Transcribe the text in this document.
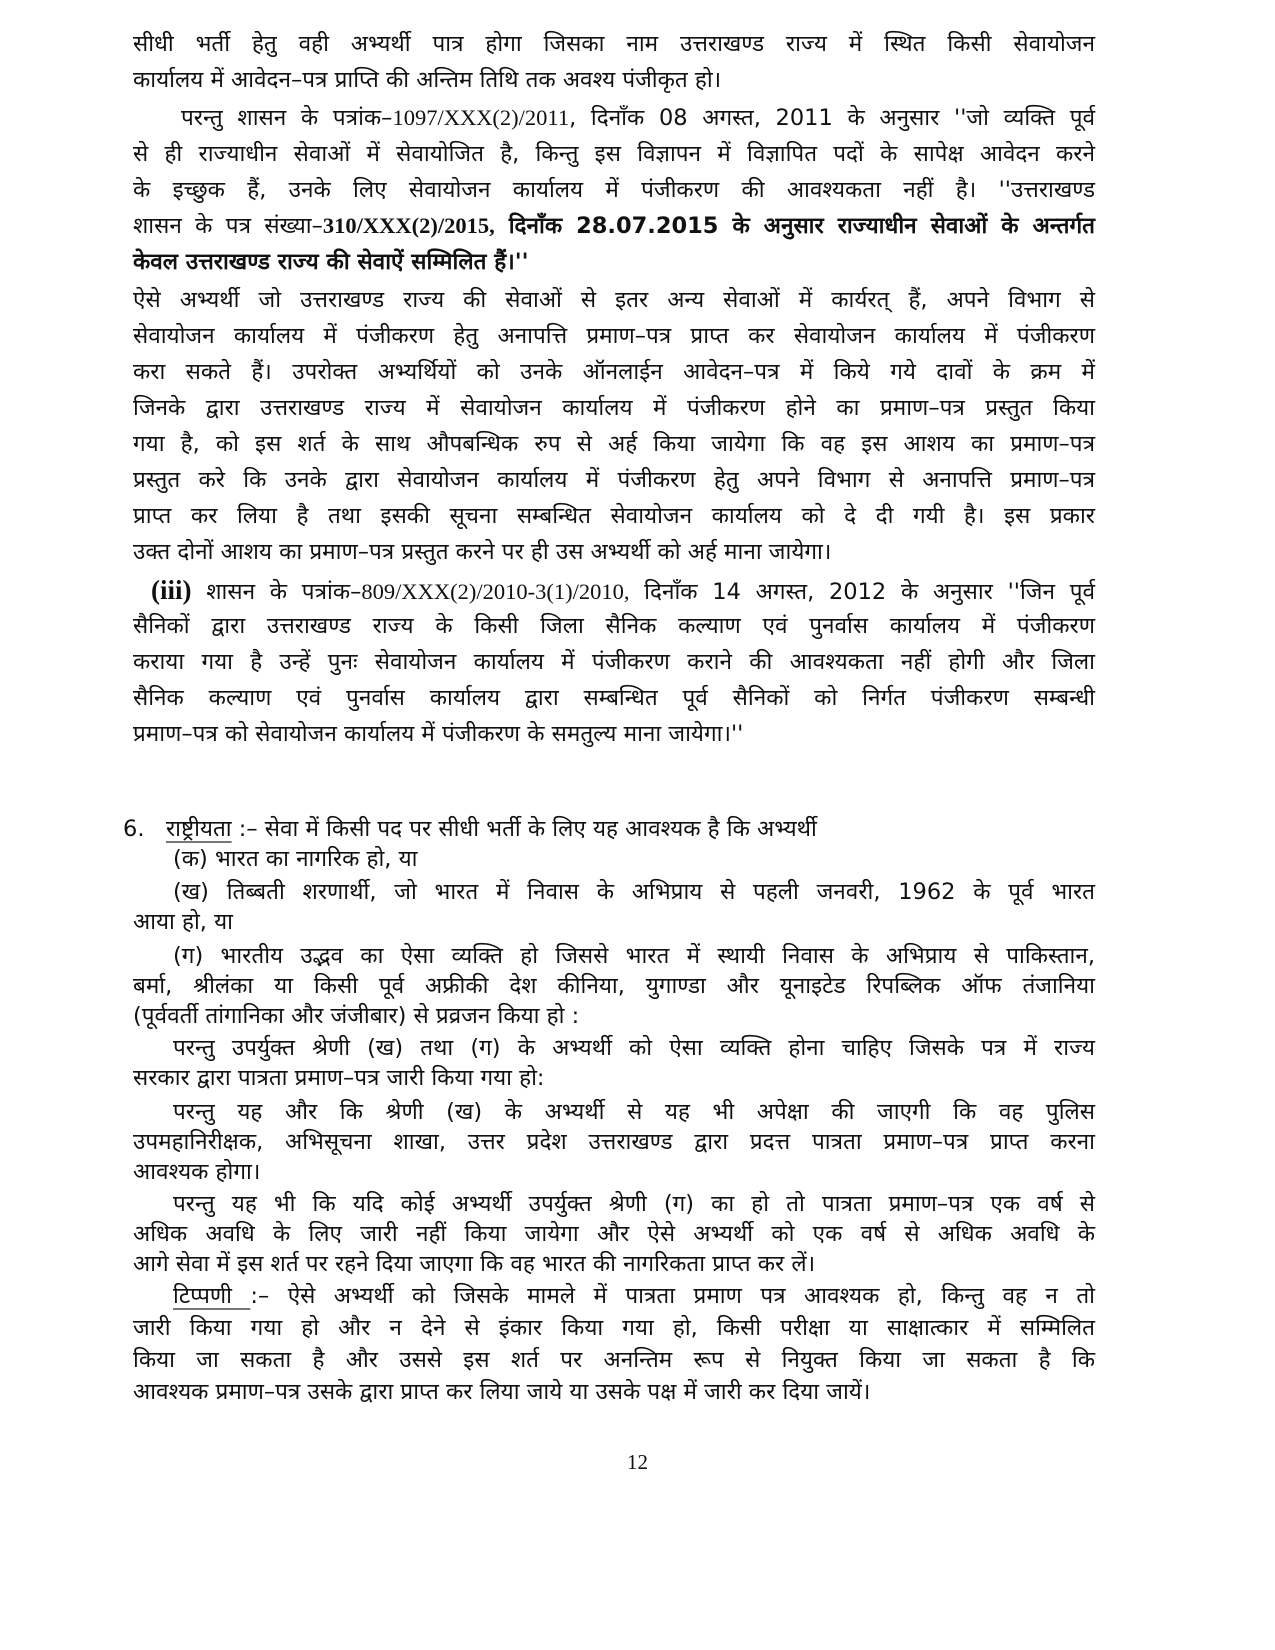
सीधी भर्ती हेतु वही अभ्यर्थी पात्र होगा जिसका नाम उत्तराखण्ड राज्य में स्थित किसी सेवायोजन
कार्यालय में आवेदन–पत्र प्राप्ति की अन्तिम तिथि तक अवश्य पंजीकृत हो।
परन्तु शासन के पत्रांक–1097/XXX(2)/2011, दिनाँक 08 अगस्त, 2011 के अनुसार ''जो व्यक्ति पूर्व
से ही राज्याधीन सेवाओं में सेवायोजित है, किन्तु इस विज्ञापन में विज्ञापित पदों के सापेक्ष आवेदन करने
के इच्छुक हैं, उनके लिए सेवायोजन कार्यालय में पंजीकरण की आवश्यकता नहीं है। ''उत्तराखण्ड
शासन के पत्र संख्या–310/XXX(2)/2015, दिनाँक 28.07.2015 के अनुसार राज्याधीन सेवाओं के अन्तर्गत
केवल उत्तराखण्ड राज्य की सेवाऐं सम्मिलित हैं।''
ऐसे अभ्यर्थी जो उत्तराखण्ड राज्य की सेवाओं से इतर अन्य सेवाओं में कार्यरत् हैं, अपने विभाग से
सेवायोजन कार्यालय में पंजीकरण हेतु अनापत्ति प्रमाण–पत्र प्राप्त कर सेवायोजन कार्यालय में पंजीकरण
करा सकते हैं। उपरोक्त अभ्यर्थियों को उनके ऑनलाईन आवेदन–पत्र में किये गये दावों के क्रम में
जिनके द्वारा उत्तराखण्ड राज्य में सेवायोजन कार्यालय में पंजीकरण होने का प्रमाण–पत्र प्रस्तुत किया
गया है, को इस शर्त के साथ औपबन्धिक रुप से अर्ह किया जायेगा कि वह इस आशय का प्रमाण–पत्र
प्रस्तुत करे कि उनके द्वारा सेवायोजन कार्यालय में पंजीकरण हेतु अपने विभाग से अनापत्ति प्रमाण–पत्र
प्राप्त कर लिया है तथा इसकी सूचना सम्बन्धित सेवायोजन कार्यालय को दे दी गयी है। इस प्रकार
उक्त दोनों आशय का प्रमाण–पत्र प्रस्तुत करने पर ही उस अभ्यर्थी को अर्ह माना जायेगा।
(iii) शासन के पत्रांक–809/XXX(2)/2010-3(1)/2010, दिनाँक 14 अगस्त, 2012 के अनुसार ''जिन पूर्व
सैनिकों द्वारा उत्तराखण्ड राज्य के किसी जिला सैनिक कल्याण एवं पुनर्वास कार्यालय में पंजीकरण
कराया गया है उन्हें पुनः सेवायोजन कार्यालय में पंजीकरण कराने की आवश्यकता नहीं होगी और जिला
सैनिक कल्याण एवं पुनर्वास कार्यालय द्वारा सम्बन्धित पूर्व सैनिकों को निर्गत पंजीकरण सम्बन्धी
प्रमाण–पत्र को सेवायोजन कार्यालय में पंजीकरण के समतुल्य माना जायेगा।''
6. राष्ट्रीयता :– सेवा में किसी पद पर सीधी भर्ती के लिए यह आवश्यक है कि अभ्यर्थी
(क) भारत का नागरिक हो, या
(ख) तिब्बती शरणार्थी, जो भारत में निवास के अभिप्राय से पहली जनवरी, 1962 के पूर्व भारत
आया हो, या
(ग) भारतीय उद्भव का ऐसा व्यक्ति हो जिससे भारत में स्थायी निवास के अभिप्राय से पाकिस्तान,
बर्मा, श्रीलंका या किसी पूर्व अफ्रीकी देश कीनिया, युगाण्डा और यूनाइटेड रिपब्लिक ऑफ तंजानिया
(पूर्ववर्ती तांगानिका और जंजीबार) से प्रव्रजन किया हो :
परन्तु उपर्युक्त श्रेणी (ख) तथा (ग) के अभ्यर्थी को ऐसा व्यक्ति होना चाहिए जिसके पत्र में राज्य
सरकार द्वारा पात्रता प्रमाण–पत्र जारी किया गया हो:
परन्तु यह और कि श्रेणी (ख) के अभ्यर्थी से यह भी अपेक्षा की जाएगी कि वह पुलिस
उपमहानिरीक्षक, अभिसूचना शाखा, उत्तर प्रदेश उत्तराखण्ड द्वारा प्रदत्त पात्रता प्रमाण–पत्र प्राप्त करना
आवश्यक होगा।
परन्तु यह भी कि यदि कोई अभ्यर्थी उपर्युक्त श्रेणी (ग) का हो तो पात्रता प्रमाण–पत्र एक वर्ष से
अधिक अवधि के लिए जारी नहीं किया जायेगा और ऐसे अभ्यर्थी को एक वर्ष से अधिक अवधि के
आगे सेवा में इस शर्त पर रहने दिया जाएगा कि वह भारत की नागरिकता प्राप्त कर लें।
टिप्पणी :– ऐसे अभ्यर्थी को जिसके मामले में पात्रता प्रमाण पत्र आवश्यक हो, किन्तु वह न तो
जारी किया गया हो और न देने से इंकार किया गया हो, किसी परीक्षा या साक्षात्कार में सम्मिलित
किया जा सकता है और उससे इस शर्त पर अनन्तिम रूप से नियुक्त किया जा सकता है कि
आवश्यक प्रमाण–पत्र उसके द्वारा प्राप्त कर लिया जाये या उसके पक्ष में जारी कर दिया जायें।
12
